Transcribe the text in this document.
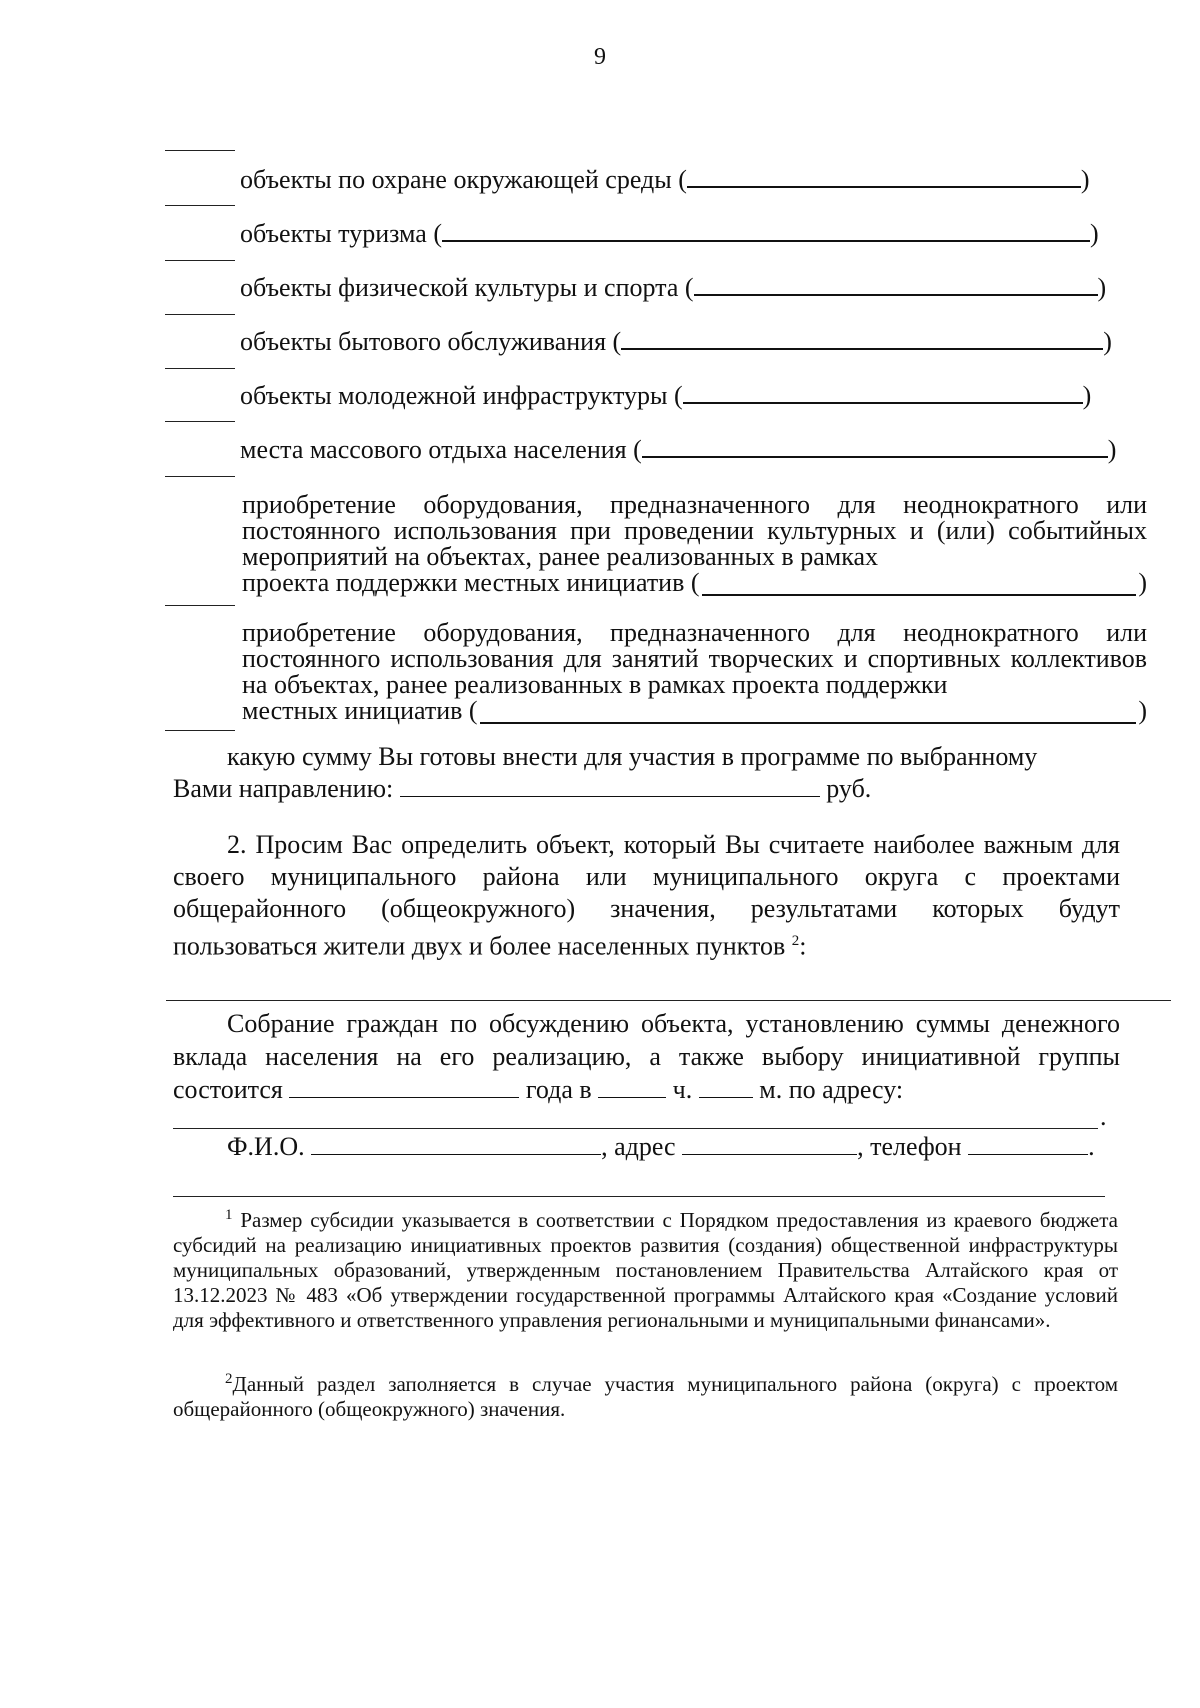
9
объекты по охране окружающей среды (	)
объекты туризма (	)
объекты физической культуры и спорта (	)
объекты бытового обслуживания (	)
объекты молодежной инфраструктуры (	)
места массового отдыха населения (	)
приобретение оборудования, предназначенного для неоднократного или постоянного использования при проведении культурных и (или) событийных мероприятий на объектах, ранее реализованных в рамках
проекта поддержки местных инициатив (	)
приобретение оборудования, предназначенного для неоднократного или постоянного использования для занятий творческих и спортивных коллективов на объектах, ранее реализованных в рамках проекта поддержки
местных инициатив (	)
какую сумму Вы готовы внести для участия в программе по выбранному
Вами направлению:	руб.
2. Просим Вас определить объект, который Вы считаете наиболее важным для своего муниципального района или муниципального округа с проектами общерайонного (общеокружного) значения, результатами которых будут пользоваться жители двух и более населенных пунктов $^2$:
Собрание граждан по обсуждению объекта, установлению суммы денежного вклада населения на его реализацию, а также выбору инициативной группы состоится	года в	ч.  м. по адресу:
.
Ф.И.О.	, адрес	, телефон	.
$^1$ Размер субсидии указывается в соответствии с Порядком предоставления из краевого бюджета субсидий на реализацию инициативных проектов развития (создания) общественной инфраструктуры муниципальных образований, утвержденным постановлением Правительства Алтайского края от 13.12.2023 № 483 «Об утверждении государственной программы Алтайского края «Создание условий для эффективного и ответственного управления региональными и муниципальными финансами».
$^2$Данный раздел заполняется в случае участия муниципального района (округа) с проектом общерайонного (общеокружного) значения.
